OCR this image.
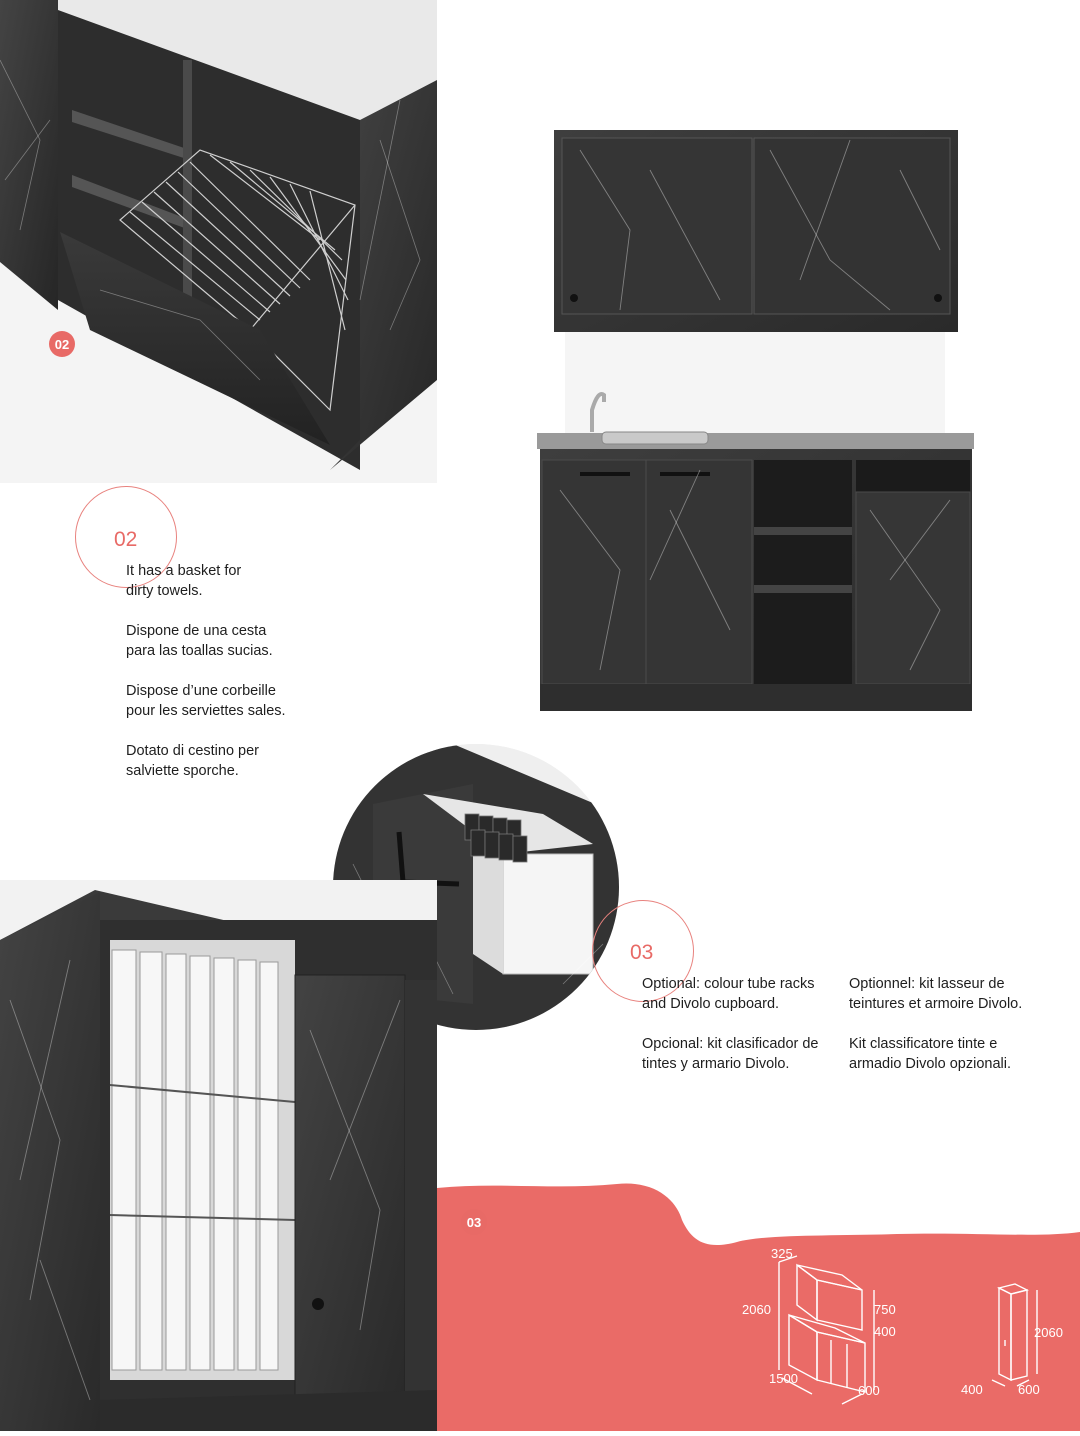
02
02

It has a basket for
dirty towels.

Dispone de una cesta
para las toallas sucias.

Dispose d’une corbeille
pour les serviettes sales.

Dotato di cestino per
salviette sporche.

03

Optional: colour tube racks
and Divolo cupboard.

Opcional: kit clasificador de
tintes y armario Divolo.

Optionnel: kit lasseur de
teintures et armoire Divolo.

Kit classificatore tinte e
armadio Divolo opzionali.

03
325
2060	750
400
1500
600
2060
400	600
